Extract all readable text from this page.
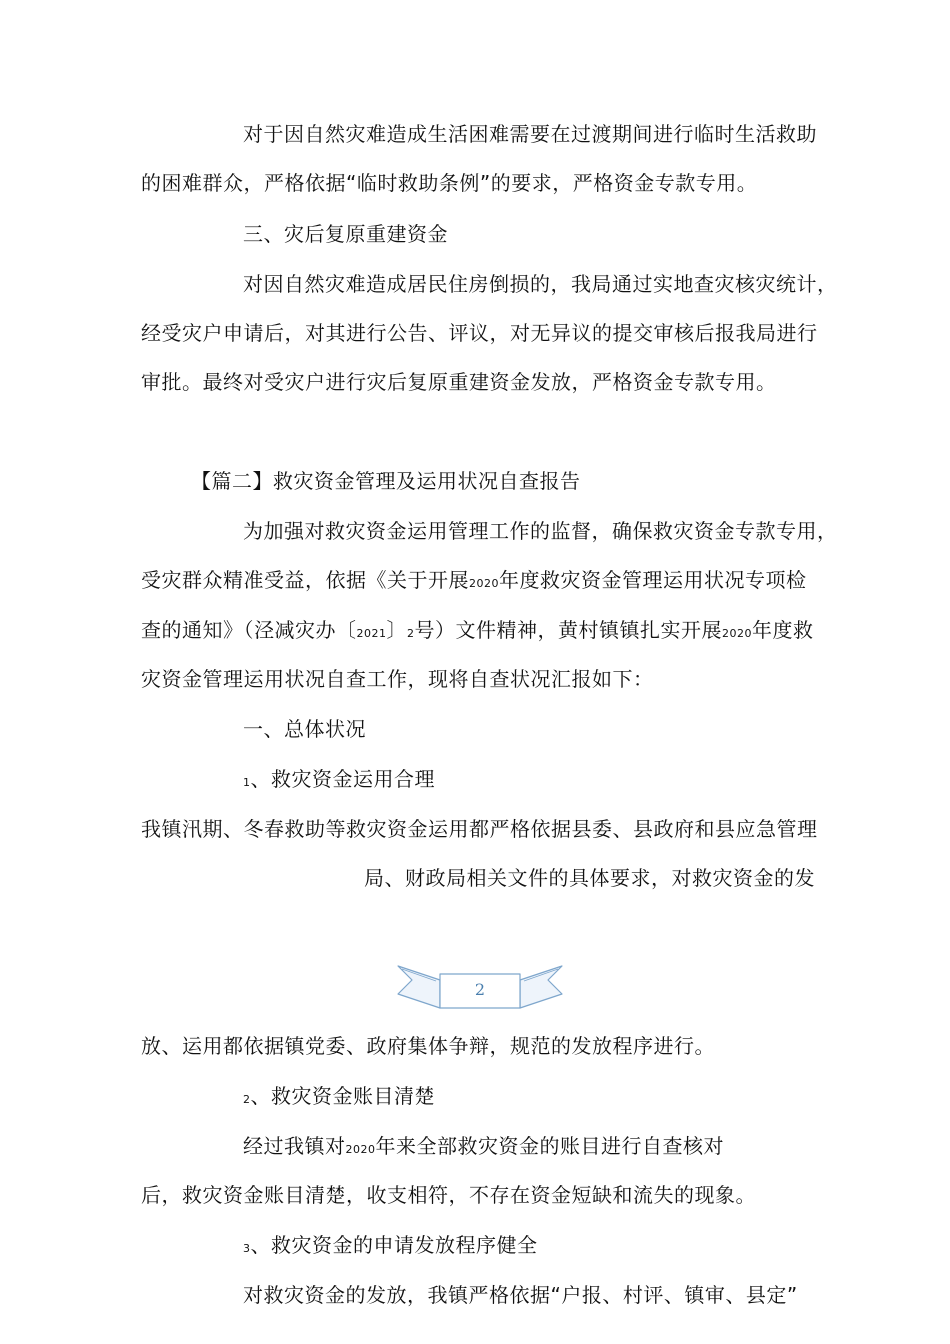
对于因自然灾难造成生活困难需要在过渡期间进行临时生活救助

的困难群众，严格依据“临时救助条例”的要求，严格资金专款专用。

三、灾后复原重建资金

对因自然灾难造成居民住房倒损的，我局通过实地查灾核灾统计，

经受灾户申请后，对其进行公告、评议，对无异议的提交审核后报我局进行

审批。最终对受灾户进行灾后复原重建资金发放，严格资金专款专用。

【篇二】救灾资金管理及运用状况自查报告

为加强对救灾资金运用管理工作的监督，确保救灾资金专款专用，

受灾群众精准受益，依据《关于开展2020年度救灾资金管理运用状况专项检

查的通知》（泾减灾办〔2021〕2号）文件精神，黄村镇镇扎实开展2020年度救

灾资金管理运用状况自查工作，现将自查状况汇报如下：

一、总体状况

1、救灾资金运用合理

我镇汛期、冬春救助等救灾资金运用都严格依据县委、县政府和县应急管理

局、财政局相关文件的具体要求，对救灾资金的发

2

放、运用都依据镇党委、政府集体争辩，规范的发放程序进行。

2、救灾资金账目清楚

经过我镇对2020年来全部救灾资金的账目进行自查核对

后，救灾资金账目清楚，收支相符，不存在资金短缺和流失的现象。

3、救灾资金的申请发放程序健全

对救灾资金的发放，我镇严格依据“户报、村评、镇审、县定”
